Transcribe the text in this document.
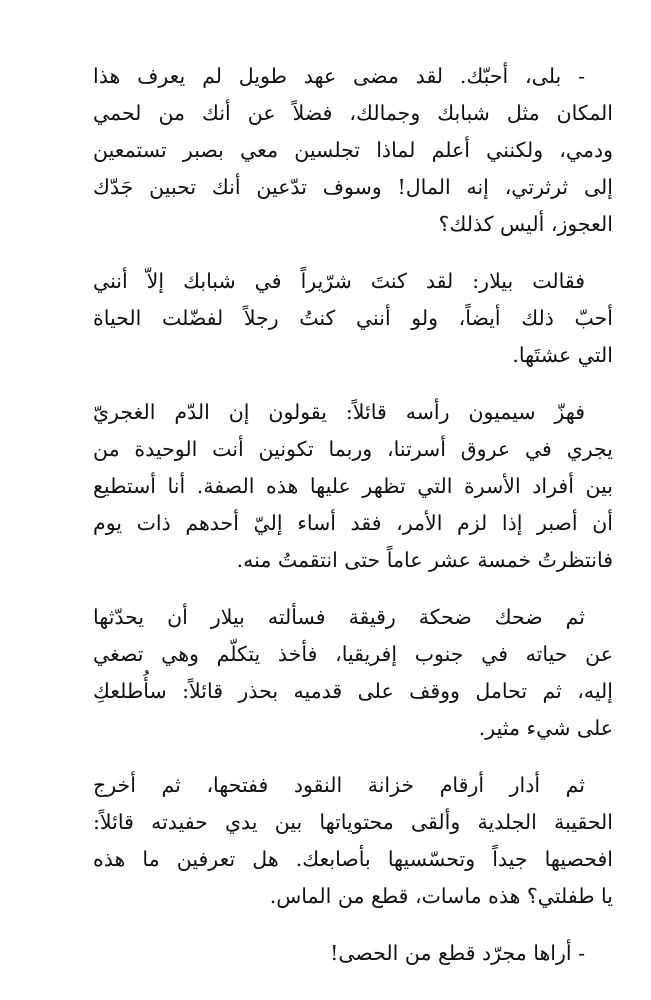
- بلى، أحبّك. لقد مضى عهد طويل لم يعرف هذا
المكان مثل شبابك وجمالك، فضلاً عن أنك من لحمي
ودمي، ولكنني أعلم لماذا تجلسين معي بصبر تستمعين
إلى ثرثرتي، إنه المال! وسوف تدّعين أنك تحبين جَدّك
العجوز، أليس كذلك؟

فقالت بيلار: لقد كنتَ شرّيراً في شبابك إلاّ أنني
أحبّ ذلك أيضاً، ولو أنني كنتُ رجلاً لفضّلت الحياة
التي عشتَها.

فهزّ سيميون رأسه قائلاً: يقولون إن الدّم الغجريّ
يجري في عروق أسرتنا، وربما تكونين أنت الوحيدة من
بين أفراد الأسرة التي تظهر عليها هذه الصفة. أنا أستطيع
أن أصبر إذا لزم الأمر، فقد أساء إليّ أحدهم ذات يوم
فانتظرتُ خمسة عشر عاماً حتى انتقمتُ منه.

ثم ضحك ضحكة رقيقة فسألته بيلار أن يحدّثها
عن حياته في جنوب إفريقيا، فأخذ يتكلّم وهي تصغي
إليه، ثم تحامل ووقف على قدميه بحذر قائلاً: سأُطلعكِ
على شيء مثير.

ثم أدار أرقام خزانة النقود ففتحها، ثم أخرج
الحقيبة الجلدية وألقى محتوياتها بين يدي حفيدته قائلاً:
افحصيها جيداً وتحسّسيها بأصابعك. هل تعرفين ما هذه
يا طفلتي؟ هذه ماسات، قطع من الماس.

- أراها مجرّد قطع من الحصى!
